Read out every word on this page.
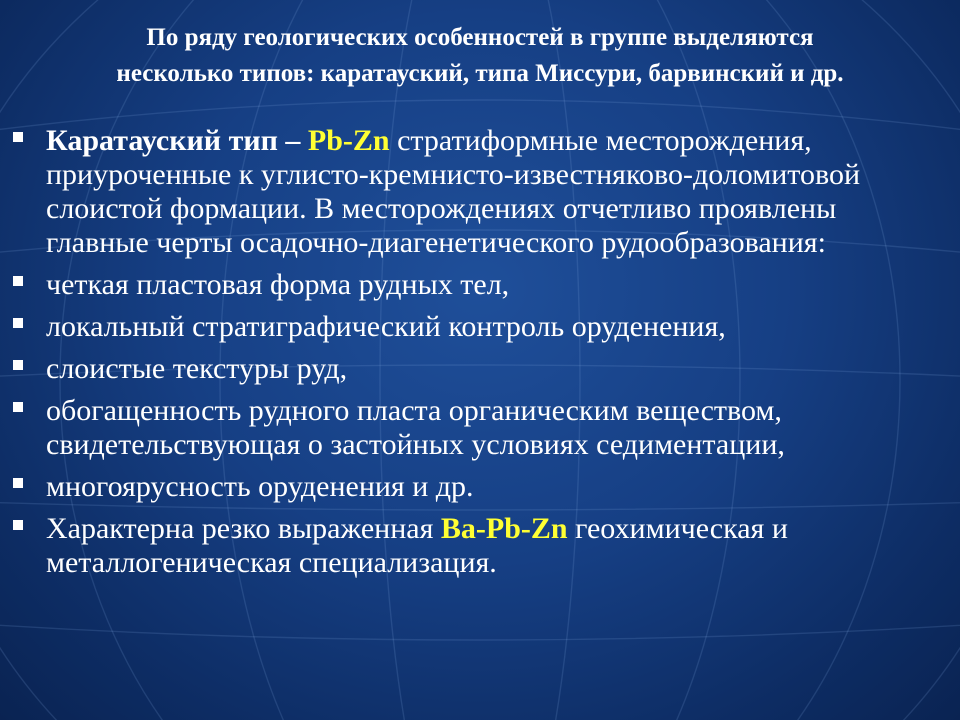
По ряду геологических особенностей в группе выделяются
несколько типов: каратауский, типа Миссури, барвинский и др.
Каратауский тип – Pb-Zn стратиформные месторождения, приуроченные к углисто-кремнисто-известняково-доломитовой слоистой формации. В месторождениях отчетливо проявлены главные черты осадочно-диагенетического рудообразования:
четкая пластовая форма рудных тел,
локальный стратиграфический контроль оруденения,
слоистые текстуры руд,
обогащенность рудного пласта органическим веществом, свидетельствующая о застойных условиях седиментации,
многоярусность оруденения и др.
Характерна резко выраженная Ba-Pb-Zn геохимическая и металлогеническая специализация.
